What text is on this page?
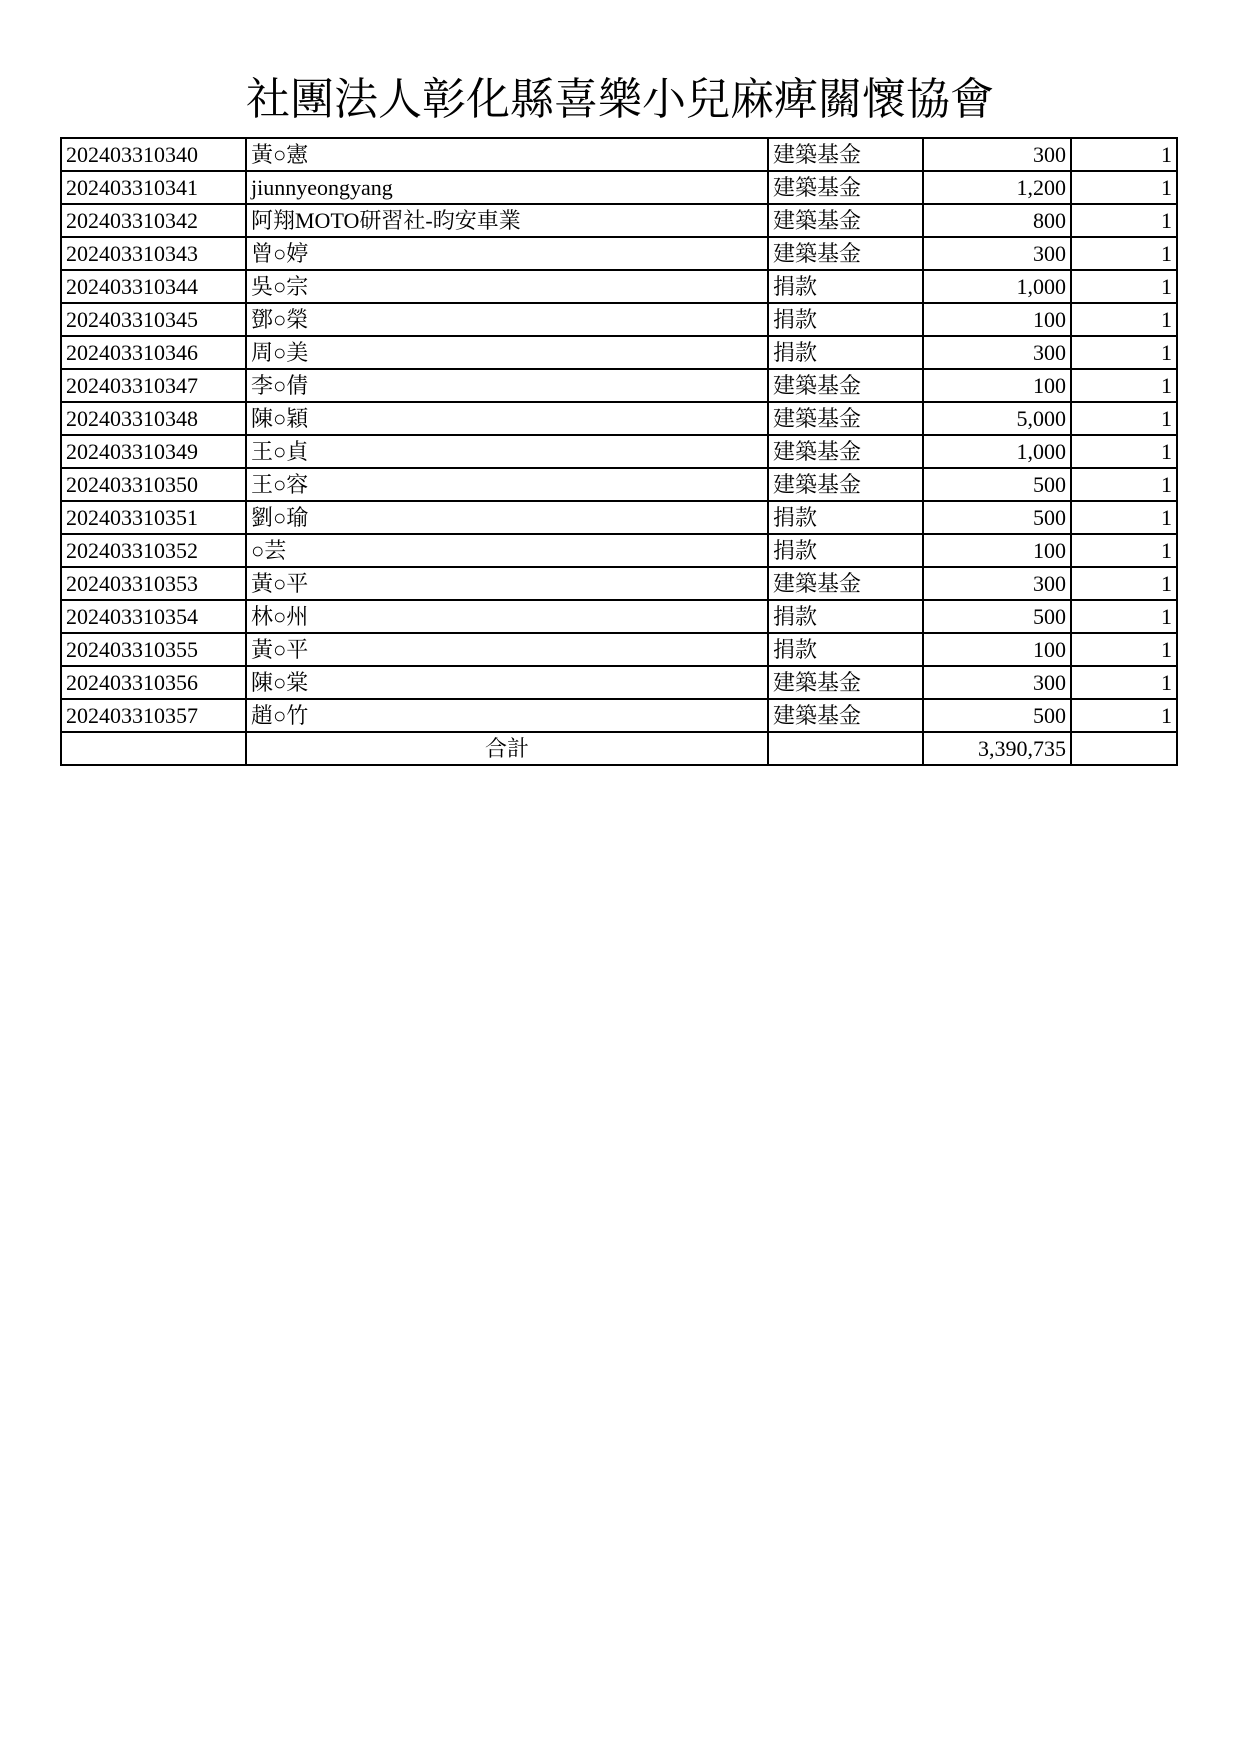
社團法人彰化縣喜樂小兒麻痺關懷協會
202403310340	黃○憲	建築基金	300	1
202403310341	jiunnyeongyang	建築基金	1,200	1
202403310342	阿翔MOTO研習社-昀安車業	建築基金	800	1
202403310343	曾○婷	建築基金	300	1
202403310344	吳○宗	捐款	1,000	1
202403310345	鄧○榮	捐款	100	1
202403310346	周○美	捐款	300	1
202403310347	李○倩	建築基金	100	1
202403310348	陳○穎	建築基金	5,000	1
202403310349	王○貞	建築基金	1,000	1
202403310350	王○容	建築基金	500	1
202403310351	劉○瑜	捐款	500	1
202403310352	○芸	捐款	100	1
202403310353	黃○平	建築基金	300	1
202403310354	林○州	捐款	500	1
202403310355	黃○平	捐款	100	1
202403310356	陳○棠	建築基金	300	1
202403310357	趙○竹	建築基金	500	1
	合計		3,390,735	
